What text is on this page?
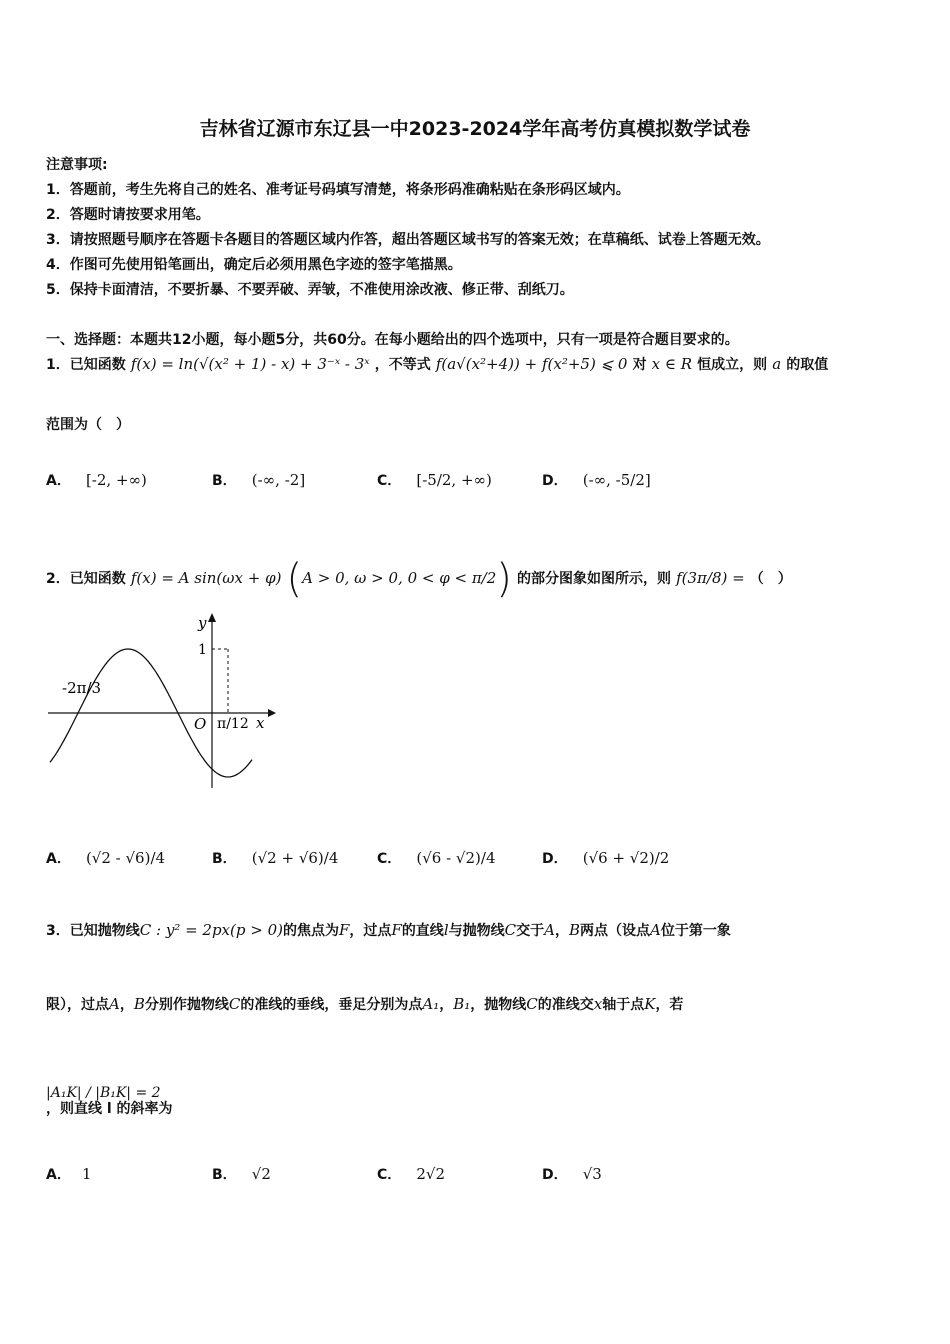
吉林省辽源市东辽县一中2023-2024学年高考仿真模拟数学试卷
注意事项:
1．答题前，考生先将自己的姓名、准考证号码填写清楚，将条形码准确粘贴在条形码区域内。
2．答题时请按要求用笔。
3．请按照题号顺序在答题卡各题目的答题区域内作答，超出答题区域书写的答案无效；在草稿纸、试卷上答题无效。
4．作图可先使用铅笔画出，确定后必须用黑色字迹的签字笔描黑。
5．保持卡面清洁，不要折暴、不要弄破、弄皱，不准使用涂改液、修正带、刮纸刀。
一、选择题：本题共12小题，每小题5分，共60分。在每小题给出的四个选项中，只有一项是符合题目要求的。
1．已知函数 f(x) = ln(√(x² + 1) - x) + 3⁻ˣ - 3ˣ ，不等式 f(a√(x²+4)) + f(x²+5) ⩽ 0 对 x ∈ R 恒成立，则 a 的取值
范围为（　）
A． [-2, +∞)	B． (-∞, -2]	C． [-5/2, +∞)	D． (-∞, -5/2]
2．已知函数 f(x) = A sin(ωx + φ) (A > 0, ω > 0, 0 < φ < π/2) 的部分图象如图所示，则 f(3π/8) = （　）
y
x
O
1
-2π/3
π/12
A． (√2 - √6)/4	B． (√2 + √6)/4	C． (√6 - √2)/4	D． (√6 + √2)/2
3．已知抛物线C : y² = 2px(p > 0)的焦点为F，过点F的直线l与抛物线C交于A，B两点（设点A位于第一象
限），过点A，B分别作抛物线C的准线的垂线，垂足分别为点A₁，B₁，抛物线C的准线交x轴于点K，若
|A₁K| / |B₁K| = 2
，则直线 l 的斜率为
A． 1	B． √2	C． 2√2	D． √3
